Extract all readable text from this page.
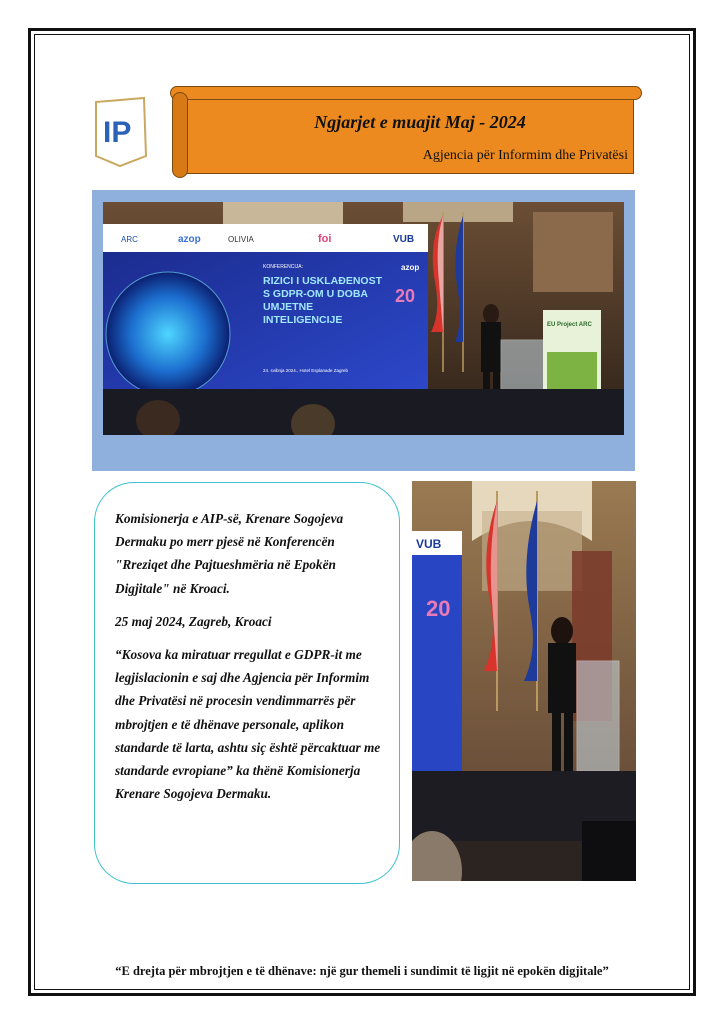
IP	Ngjarjet e muajit Maj - 2024
Agjencia për Informim dhe Privatësi
ARC	azop	OLIVIA	foi	VUB
KONFERENCIJA:
RIZICI I USKLAĐENOST
S GDPR-OM U DOBA
UMJETNE
INTELIGENCIJE
24. svibnja 2024., Hotel Esplanade Zagreb
azop
20
EU Project ARC

Komisionerja e AIP-së, Krenare Sogojeva Dermaku po merr pjesë në Konferencën "Rreziqet dhe Pajtueshmëria në Epokën Digjitale" në Kroaci.

25 maj 2024, Zagreb, Kroaci

“Kosova ka miratuar rregullat e GDPR-it me legjislacionin e saj dhe Agjencia për Informim dhe Privatësi në procesin vendimmarrës për mbrojtjen e të dhënave personale, aplikon standarde të larta, ashtu siç është përcaktuar me standarde evropiane” ka thënë Komisionerja Krenare Sogojeva Dermaku.

VUB
20
“E drejta për mbrojtjen e të dhënave: një gur themeli i sundimit të ligjit në epokën digjitale”
